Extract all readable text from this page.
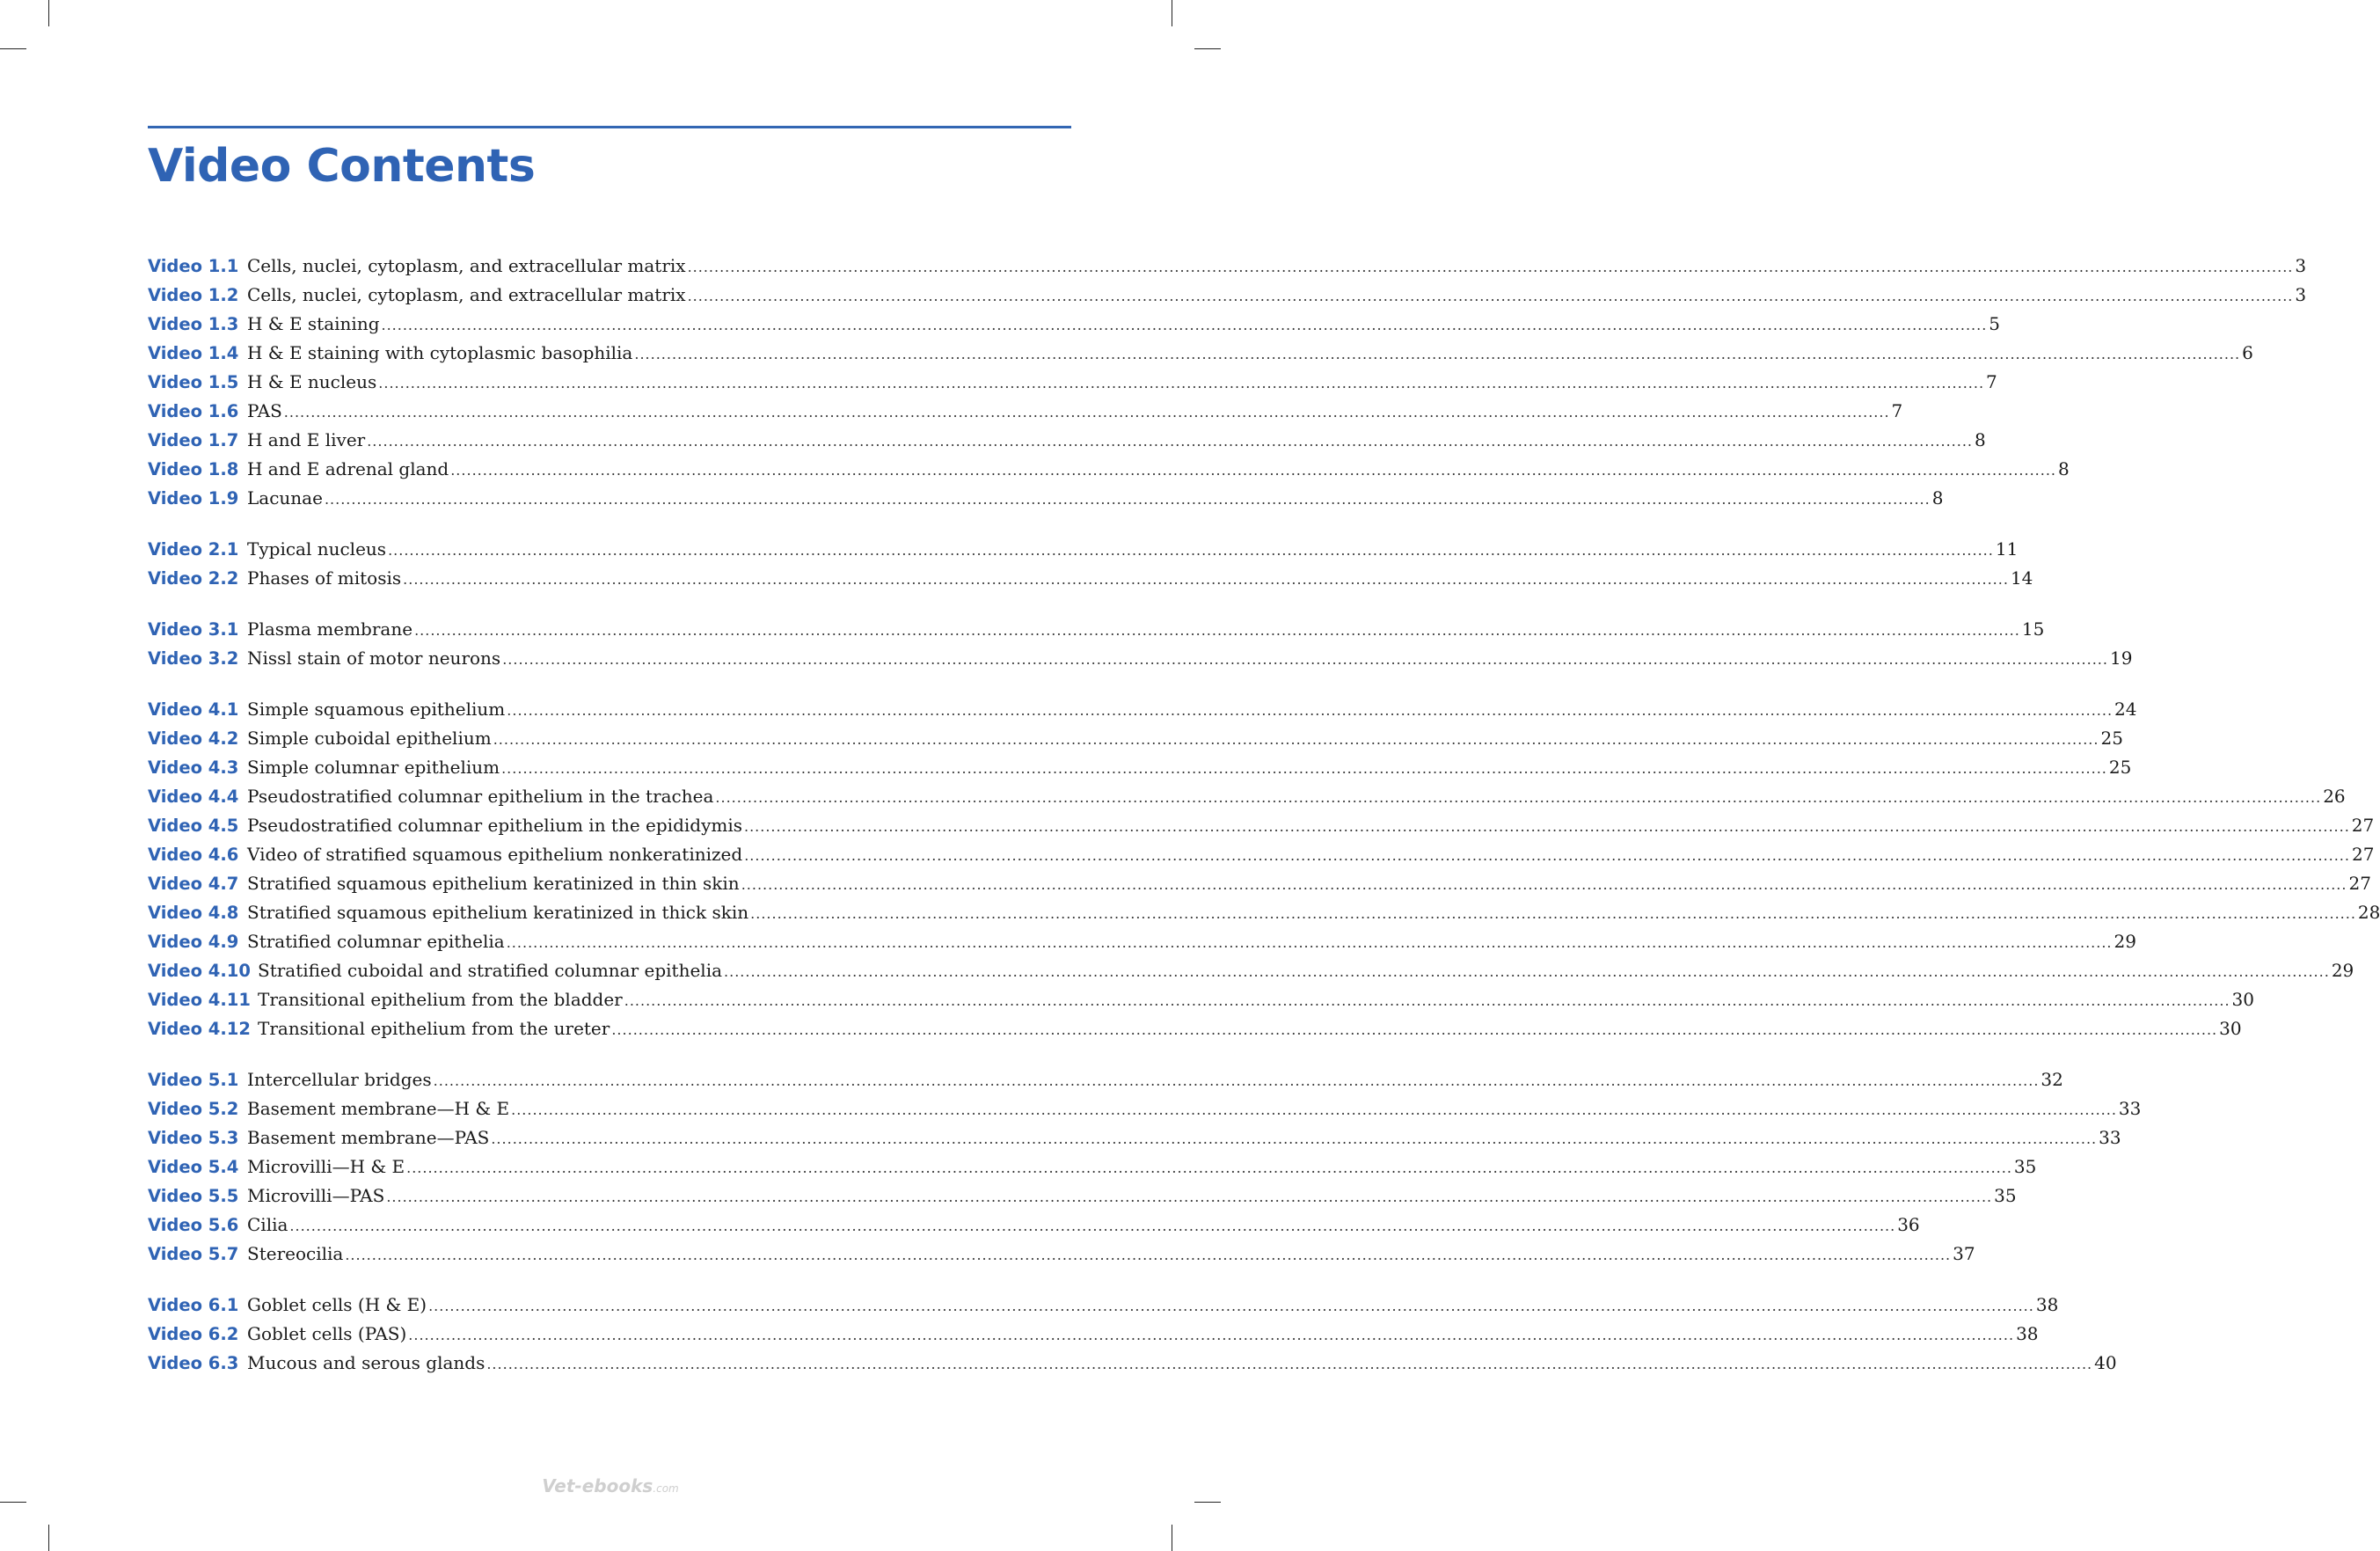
Video Contents
Video 1.1 Cells, nuclei, cytoplasm, and extracellular matrix ............................................................................................................................................................................................................................................................................................................ 3
Video 1.2 Cells, nuclei, cytoplasm, and extracellular matrix ............................................................................................................................................................................................................................................................................................................ 3
Video 1.3 H & E staining ............................................................................................................................................................................................................................................................................................................ 5
Video 1.4 H & E staining with cytoplasmic basophilia ............................................................................................................................................................................................................................................................................................................ 6
Video 1.5 H & E nucleus ............................................................................................................................................................................................................................................................................................................ 7
Video 1.6 PAS ............................................................................................................................................................................................................................................................................................................ 7
Video 1.7 H and E liver ............................................................................................................................................................................................................................................................................................................ 8
Video 1.8 H and E adrenal gland ............................................................................................................................................................................................................................................................................................................ 8
Video 1.9 Lacunae ............................................................................................................................................................................................................................................................................................................ 8
Video 2.1 Typical nucleus ............................................................................................................................................................................................................................................................................................................ 11
Video 2.2 Phases of mitosis ............................................................................................................................................................................................................................................................................................................ 14
Video 3.1 Plasma membrane ............................................................................................................................................................................................................................................................................................................ 15
Video 3.2 Nissl stain of motor neurons ............................................................................................................................................................................................................................................................................................................ 19
Video 4.1 Simple squamous epithelium ............................................................................................................................................................................................................................................................................................................ 24
Video 4.2 Simple cuboidal epithelium ............................................................................................................................................................................................................................................................................................................ 25
Video 4.3 Simple columnar epithelium ............................................................................................................................................................................................................................................................................................................ 25
Video 4.4 Pseudostratified columnar epithelium in the trachea ............................................................................................................................................................................................................................................................................................................ 26
Video 4.5 Pseudostratified columnar epithelium in the epididymis ............................................................................................................................................................................................................................................................................................................ 27
Video 4.6 Video of stratified squamous epithelium nonkeratinized ............................................................................................................................................................................................................................................................................................................ 27
Video 4.7 Stratified squamous epithelium keratinized in thin skin ............................................................................................................................................................................................................................................................................................................ 27
Video 4.8 Stratified squamous epithelium keratinized in thick skin ............................................................................................................................................................................................................................................................................................................ 28
Video 4.9 Stratified columnar epithelia ............................................................................................................................................................................................................................................................................................................ 29
Video 4.10 Stratified cuboidal and stratified columnar epithelia ............................................................................................................................................................................................................................................................................................................ 29
Video 4.11 Transitional epithelium from the bladder ............................................................................................................................................................................................................................................................................................................ 30
Video 4.12 Transitional epithelium from the ureter ............................................................................................................................................................................................................................................................................................................ 30
Video 5.1 Intercellular bridges ............................................................................................................................................................................................................................................................................................................ 32
Video 5.2 Basement membrane—H & E ............................................................................................................................................................................................................................................................................................................ 33
Video 5.3 Basement membrane—PAS ............................................................................................................................................................................................................................................................................................................ 33
Video 5.4 Microvilli—H & E ............................................................................................................................................................................................................................................................................................................ 35
Video 5.5 Microvilli—PAS ............................................................................................................................................................................................................................................................................................................ 35
Video 5.6 Cilia ............................................................................................................................................................................................................................................................................................................ 36
Video 5.7 Stereocilia ............................................................................................................................................................................................................................................................................................................ 37
Video 6.1 Goblet cells (H & E) ............................................................................................................................................................................................................................................................................................................ 38
Video 6.2 Goblet cells (PAS) ............................................................................................................................................................................................................................................................................................................ 38
Video 6.3 Mucous and serous glands ............................................................................................................................................................................................................................................................................................................ 40
Vet-ebooks.com
